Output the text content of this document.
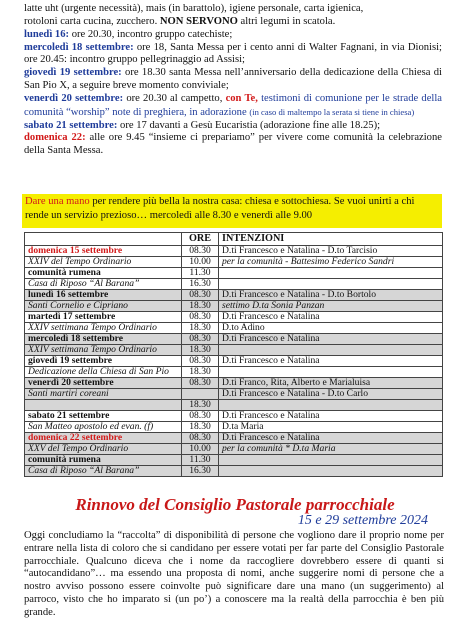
latte uht (urgente necessità), mais (in barattolo), igiene personale, carta igienica,
rotoloni carta cucina, zucchero. NON SERVONO altri legumi in scatola.

lunedì 16: ore 20.30, incontro gruppo catechiste;

mercoledì 18 settembre: ore 18, Santa Messa per i cento anni di Walter Fagnani, in via Dionisi; ore 20.45: incontro gruppo pellegrinaggio ad Assisi;

giovedì 19 settembre: ore 18.30 santa Messa nell’anniversario della dedicazione della Chiesa di San Pio X, a seguire breve momento conviviale;

venerdì 20 settembre: ore 20.30 al campetto, con Te, testimoni di comunione per le strade della comunità “worship” note di preghiera, in adorazione (in caso di maltempo la serata si tiene in chiesa)

sabato 21 settembre: ore 17 davanti a Gesù Eucaristia (adorazione fine alle 18.25);

domenica 22: alle ore 9.45 “insieme ci prepariamo” per vivere come comunità la celebrazione della Santa Messa.

Dare una mano per rendere più bella la nostra casa: chiesa e sottochiesa. Se vuoi unirti a chi rende un servizio prezioso… mercoledì alle 8.30 e venerdì alle 9.00
	ORE	INTENZIONI
domenica 15 settembre	08.30	D.ti Francesco e Natalina - D.to Tarcisio
XXIV del Tempo Ordinario	10.00	per la comunità - Battesimo Federico Sandri
comunità rumena	11.30	
Casa di Riposo “Al Barana”	16.30	
lunedì 16 settembre	08.30	D.ti Francesco e Natalina - D.to Bortolo
Santi Cornelio e Cipriano	18.30	settimo D.ta Sonia Panzan
martedì 17 settembre	08.30	D.ti Francesco e Natalina
XXIV settimana Tempo Ordinario	18.30	D.to Adino
mercoledì 18 settembre	08.30	D.ti Francesco e Natalina
XXIV settimana Tempo Ordinario	18.30	
giovedì 19 settembre	08.30	D.ti Francesco e Natalina
Dedicazione della Chiesa di San Pio	18.30	
venerdì 20 settembre	08.30	D.ti Franco, Rita, Alberto e Marialuisa
Santi martiri coreani		D.ti Francesco e Natalina - D.to Carlo
	18.30	
sabato 21 settembre	08.30	D.ti Francesco e Natalina
San Matteo apostolo ed evan. (f)	18.30	D.ta Maria
domenica 22 settembre	08.30	D.ti Francesco e Natalina
XXV del Tempo Ordinario	10.00	per la comunità * D.ta Maria
comunità rumena	11.30	
Casa di Riposo “Al Barana”	16.30	
Rinnovo del Consiglio Pastorale parrocchiale
15 e 29 settembre 2024

Oggi concludiamo la “raccolta” di disponibilità di persone che vogliono dare il proprio nome per entrare nella lista di coloro che si candidano per essere votati per far parte del Consiglio Pastorale parrocchiale. Qualcuno diceva che i nome da raccogliere dovrebbero essere di quanti si “autocandidano”… ma essendo una proposta di nomi, anche suggerire nomi di persone che a nostro avviso possono essere coinvolte può significare dare una mano (un suggerimento) al parroco, visto che ho imparato si (un po’) a conoscere ma la realtà della parrocchia è ben più grande.
